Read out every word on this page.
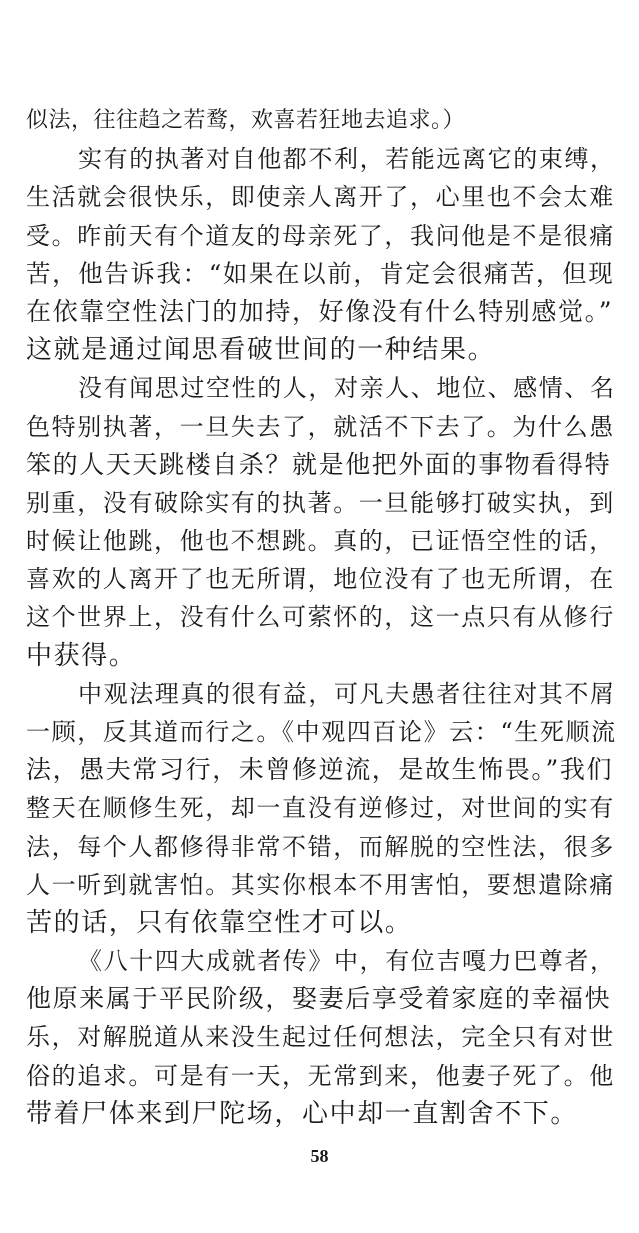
似法，往往趋之若鹜，欢喜若狂地去追求。）
实有的执著对自他都不利，若能远离它的束缚，
生活就会很快乐，即使亲人离开了，心里也不会太难
受。昨前天有个道友的母亲死了，我问他是不是很痛
苦，他告诉我：“如果在以前，肯定会很痛苦，但现
在依靠空性法门的加持，好像没有什么特别感觉。”
这就是通过闻思看破世间的一种结果。
没有闻思过空性的人，对亲人、地位、感情、名
色特别执著，一旦失去了，就活不下去了。为什么愚
笨的人天天跳楼自杀？就是他把外面的事物看得特
别重，没有破除实有的执著。一旦能够打破实执，到
时候让他跳，他也不想跳。真的，已证悟空性的话，
喜欢的人离开了也无所谓，地位没有了也无所谓，在
这个世界上，没有什么可萦怀的，这一点只有从修行
中获得。
中观法理真的很有益，可凡夫愚者往往对其不屑
一顾，反其道而行之。《中观四百论》云：“生死顺流
法，愚夫常习行，未曾修逆流，是故生怖畏。”我们
整天在顺修生死，却一直没有逆修过，对世间的实有
法，每个人都修得非常不错，而解脱的空性法，很多
人一听到就害怕。其实你根本不用害怕，要想遣除痛
苦的话，只有依靠空性才可以。
《八十四大成就者传》中，有位吉嘎力巴尊者，
他原来属于平民阶级，娶妻后享受着家庭的幸福快
乐，对解脱道从来没生起过任何想法，完全只有对世
俗的追求。可是有一天，无常到来，他妻子死了。他
带着尸体来到尸陀场，心中却一直割舍不下。
58
